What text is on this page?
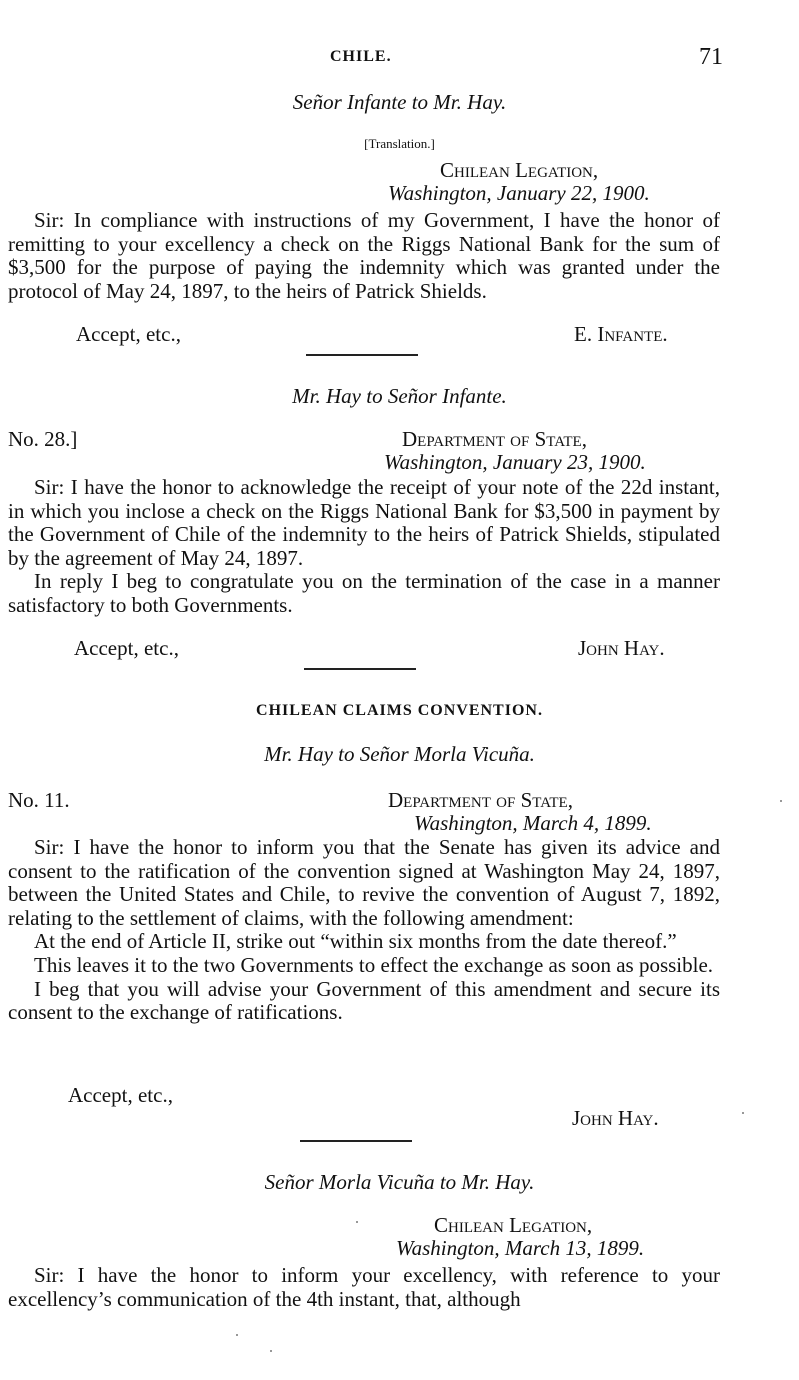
CHILE.	71
Señor Infante to Mr. Hay.
[Translation.]
Chilean Legation,
Washington, January 22, 1900.

Sir: In compliance with instructions of my Government, I have the honor of remitting to your excellency a check on the Riggs National Bank for the sum of $3,500 for the purpose of paying the indemnity which was granted under the protocol of May 24, 1897, to the heirs of Patrick Shields.

Accept, etc.,	E. Infante.
Mr. Hay to Señor Infante.
No. 28.]	Department of State,
Washington, January 23, 1900.

Sir: I have the honor to acknowledge the receipt of your note of the 22d instant, in which you inclose a check on the Riggs National Bank for $3,500 in payment by the Government of Chile of the indemnity to the heirs of Patrick Shields, stipulated by the agreement of May 24, 1897.

In reply I beg to congratulate you on the termination of the case in a manner satisfactory to both Governments.

Accept, etc.,	John Hay.
CHILEAN CLAIMS CONVENTION.
Mr. Hay to Señor Morla Vicuña.
No. 11.	Department of State,
Washington, March 4, 1899.

Sir: I have the honor to inform you that the Senate has given its advice and consent to the ratification of the convention signed at Washington May 24, 1897, between the United States and Chile, to revive the convention of August 7, 1892, relating to the settlement of claims, with the following amendment:

At the end of Article II, strike out “within six months from the date thereof.”

This leaves it to the two Governments to effect the exchange as soon as possible.

I beg that you will advise your Government of this amendment and secure its consent to the exchange of ratifications.

Accept, etc.,
John Hay.
Señor Morla Vicuña to Mr. Hay.
Chilean Legation,
Washington, March 13, 1899.

Sir: I have the honor to inform your excellency, with reference to your excellency’s communication of the 4th instant, that, although
